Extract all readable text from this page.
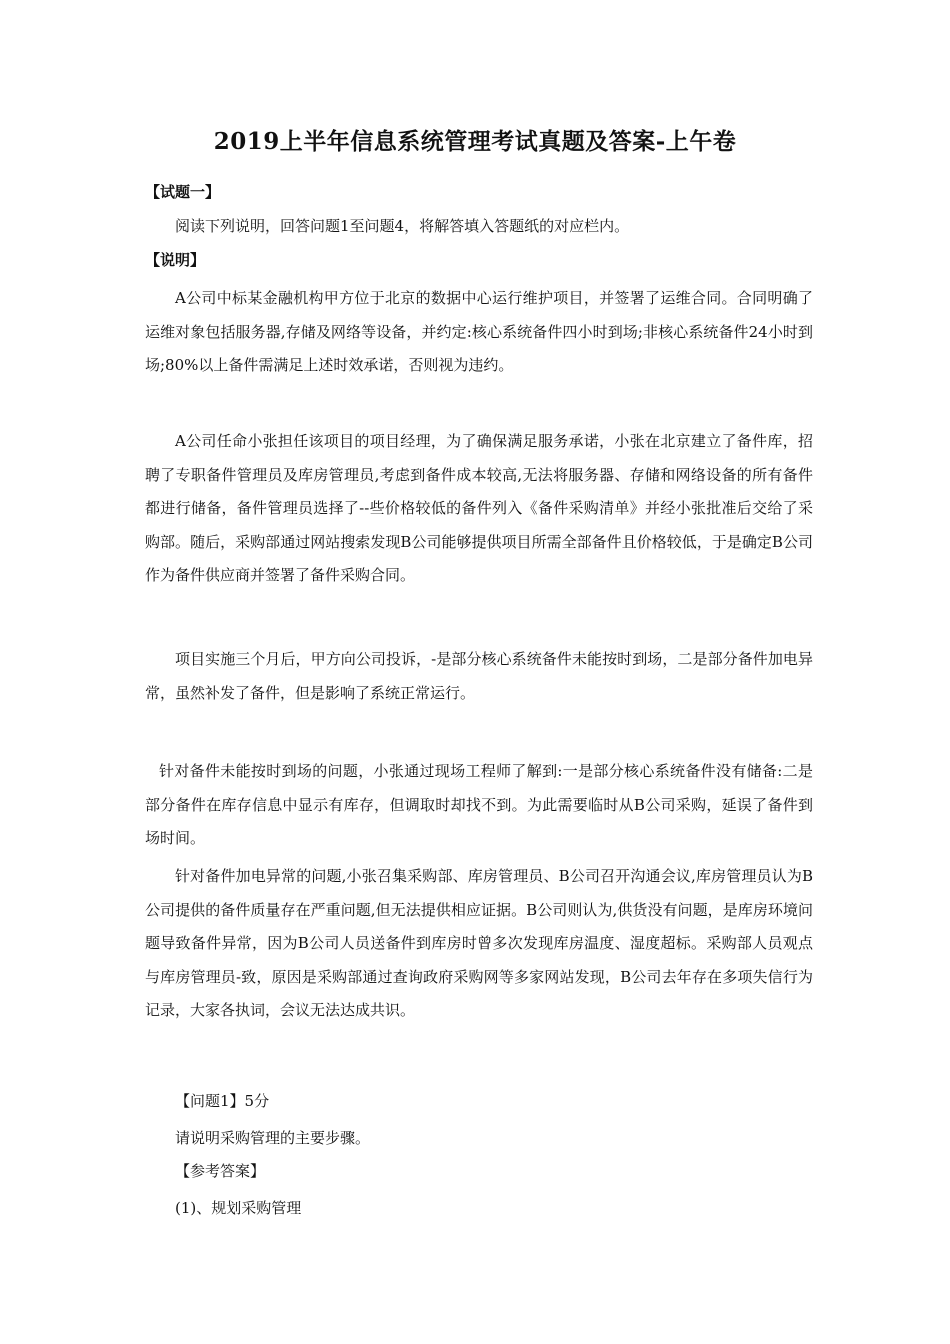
2019上半年信息系统管理考试真题及答案-上午卷
【试题一】
阅读下列说明，回答问题1至问题4，将解答填入答题纸的对应栏内。
【说明】
A公司中标某金融机构甲方位于北京的数据中心运行维护项目，并签署了运维合同。合同明确了运维对象包括服务器,存储及网络等设备，并约定:核心系统备件四小时到场;非核心系统备件24小时到场;80%以上备件需满足上述时效承诺，否则视为违约。
A公司任命小张担任该项目的项目经理，为了确保满足服务承诺，小张在北京建立了备件库，招聘了专职备件管理员及库房管理员,考虑到备件成本较高,无法将服务器、存储和网络设备的所有备件都进行储备，备件管理员选择了--些价格较低的备件列入《备件采购清单》并经小张批准后交给了采购部。随后，采购部通过网站搜索发现B公司能够提供项目所需全部备件且价格较低，于是确定B公司作为备件供应商并签署了备件采购合同。
项目实施三个月后，甲方向公司投诉，-是部分核心系统备件未能按时到场，二是部分备件加电异常，虽然补发了备件，但是影响了系统正常运行。
针对备件未能按时到场的问题，小张通过现场工程师了解到:一是部分核心系统备件没有储备:二是部分备件在库存信息中显示有库存，但调取时却找不到。为此需要临时从B公司采购，延误了备件到场时间。
针对备件加电异常的问题,小张召集采购部、库房管理员、B公司召开沟通会议,库房管理员认为B公司提供的备件质量存在严重问题,但无法提供相应证据。B公司则认为,供货没有问题，是库房环境问题导致备件异常，因为B公司人员送备件到库房时曾多次发现库房温度、湿度超标。采购部人员观点与库房管理员-致，原因是采购部通过查询政府采购网等多家网站发现，B公司去年存在多项失信行为记录，大家各执词，会议无法达成共识。
【问题1】5分
请说明采购管理的主要步骤。
【参考答案】
(1)、规划采购管理
